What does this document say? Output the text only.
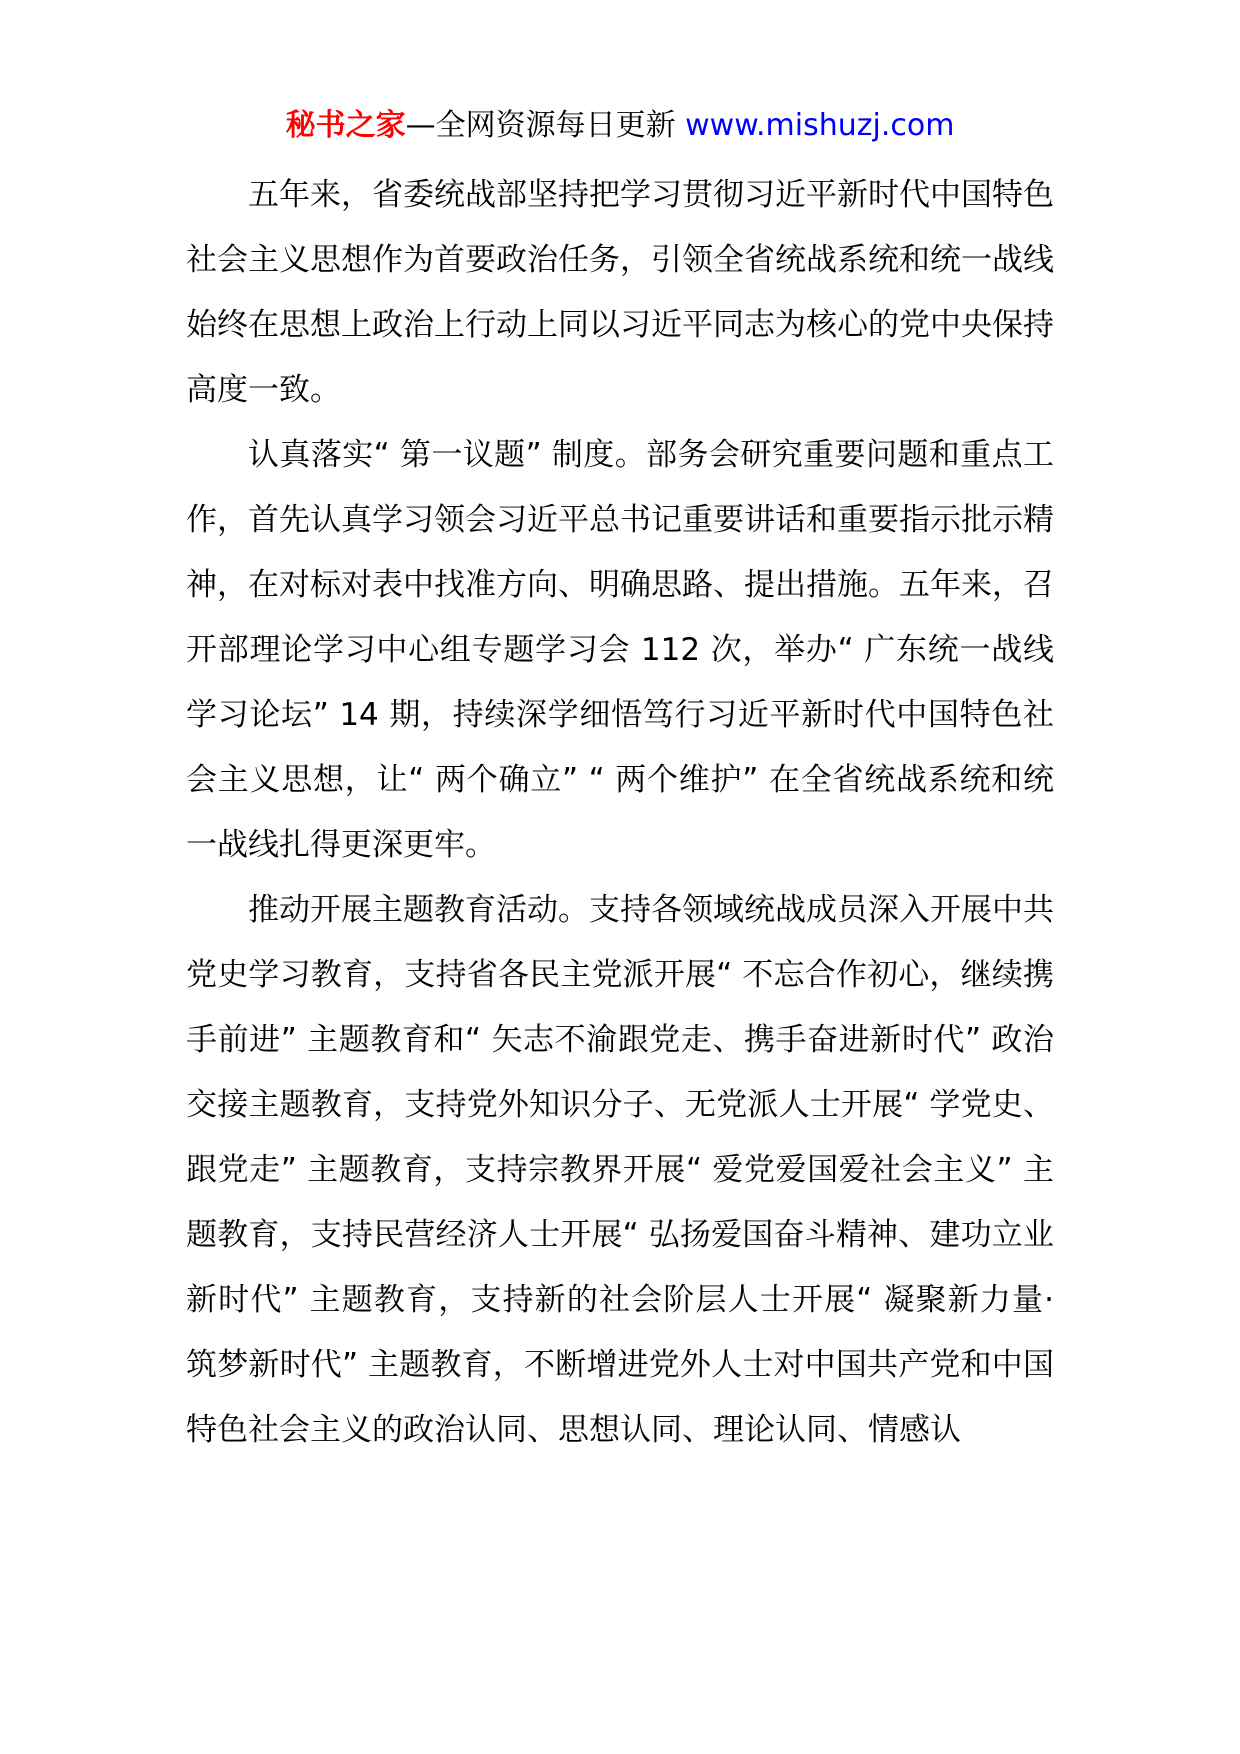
秘书之家—全网资源每日更新 www.mishuzj.com

五年来，省委统战部坚持把学习贯彻习近平新时代中国特色社会主义思想作为首要政治任务，引领全省统战系统和统一战线始终在思想上政治上行动上同以习近平同志为核心的党中央保持高度一致。

认真落实“ 第一议题” 制度。部务会研究重要问题和重点工作，首先认真学习领会习近平总书记重要讲话和重要指示批示精神，在对标对表中找准方向、明确思路、提出措施。五年来，召开部理论学习中心组专题学习会 112 次，举办“ 广东统一战线学习论坛” 14 期，持续深学细悟笃行习近平新时代中国特色社会主义思想，让“ 两个确立” “ 两个维护” 在全省统战系统和统一战线扎得更深更牢。

推动开展主题教育活动。支持各领域统战成员深入开展中共党史学习教育，支持省各民主党派开展“ 不忘合作初心，继续携手前进” 主题教育和“ 矢志不渝跟党走、携手奋进新时代” 政治交接主题教育，支持党外知识分子、无党派人士开展“ 学党史、跟党走” 主题教育，支持宗教界开展“ 爱党爱国爱社会主义” 主题教育，支持民营经济人士开展“ 弘扬爱国奋斗精神、建功立业新时代” 主题教育，支持新的社会阶层人士开展“ 凝聚新力量· 筑梦新时代” 主题教育，不断增进党外人士对中国共产党和中国特色社会主义的政治认同、思想认同、理论认同、情感认
